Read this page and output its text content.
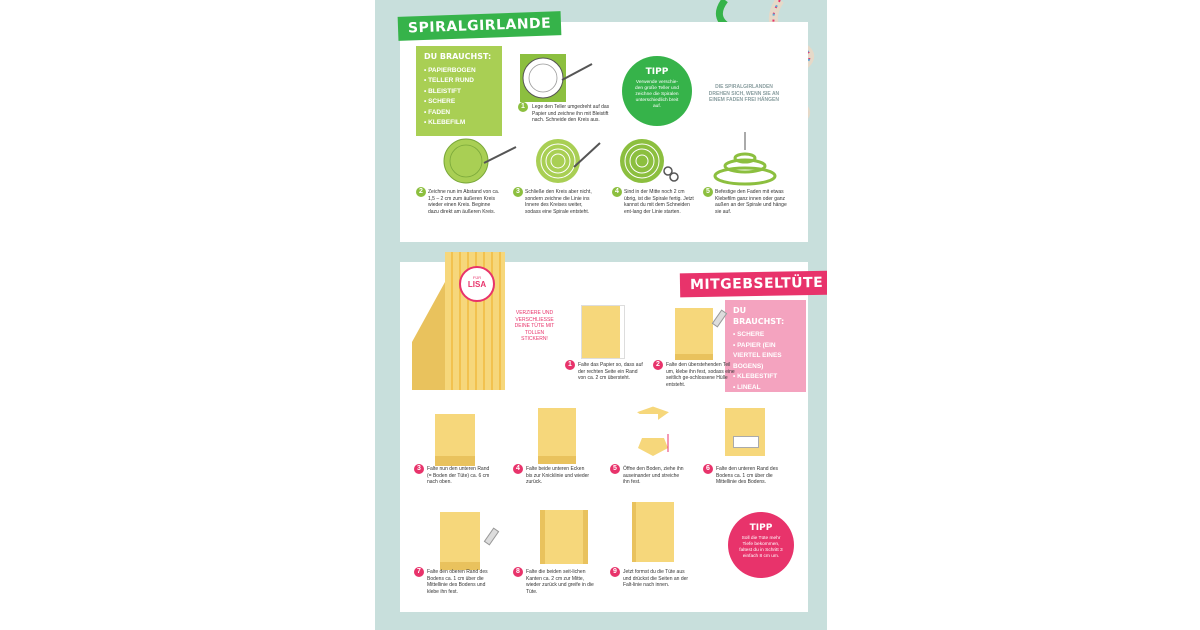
SPIRALGIRLANDE
DU BRAUCHST:
• PAPIERBOGEN
• TELLER RUND
• BLEISTIFT
• SCHERE
• FADEN
• KLEBEFILM
1	Lege den Teller umgedreht auf das Papier und zeichne ihn mit Bleistift nach. Schneide den Kreis aus.
TIPP
Verwende verschie-den große Teller und zeichne die Spiralen unterschiedlich breit auf.
DIE SPIRALGIRLANDEN DREHEN SICH, WENN SIE AN EINEM FADEN FREI HÄNGEN
2	Zeichne nun im Abstand von ca. 1,5 – 2 cm zum äußeren Kreis wieder einen Kreis. Beginne dazu direkt am äußeren Kreis.
3	Schließe den Kreis aber nicht, sondern zeichne die Linie ins Innere des Kreises weiter, sodass eine Spirale entsteht.
4	Sind in der Mitte noch 2 cm übrig, ist die Spirale fertig. Jetzt kannst du mit dem Schneiden ent-lang der Linie starten.
5	Befestige den Faden mit etwas Klebefilm ganz innen oder ganz außen an der Spirale und hänge sie auf.
MITGEBSELTÜTE
DU BRAUCHST:
• SCHERE
• PAPIER (EIN VIERTEL EINES BOGENS)
• KLEBESTIFT
• LINEAL
FÜR
LISA
VERZIERE UND VERSCHLIESSE DEINE TÜTE MIT TOLLEN STICKERN!
1	Falte das Papier so, dass auf der rechten Seite ein Rand von ca. 2 cm übersteht.
2	Falte den überstehenden Teil um, klebe ihn fest, sodass eine seitlich ge-schlossene Hülle entsteht.
3	Falte nun den unteren Rand (= Boden der Tüte) ca. 6 cm nach oben.
4	Falte beide unteren Ecken bis zur Knicklinie und wieder zurück.
5	Öffne den Boden, ziehe ihn auseinander und streiche ihn fest.
6	Falte den unteren Rand des Bodens ca. 1 cm über die Mittellinie des Bodens.
7	Falte den oberen Rand des Bodens ca. 1 cm über die Mittellinie des Bodens und klebe ihn fest.
8	Falte die beiden seit-lichen Kanten ca. 2 cm zur Mitte, wieder zurück und greife in die Tüte.
9	Jetzt formst du die Tüte aus und drückst die Seiten an der Falt-linie nach innen.
TIPP
Soll die Tüte mehr Tiefe bekommen, faltest du in Schritt 3 einfach 8 cm um.
